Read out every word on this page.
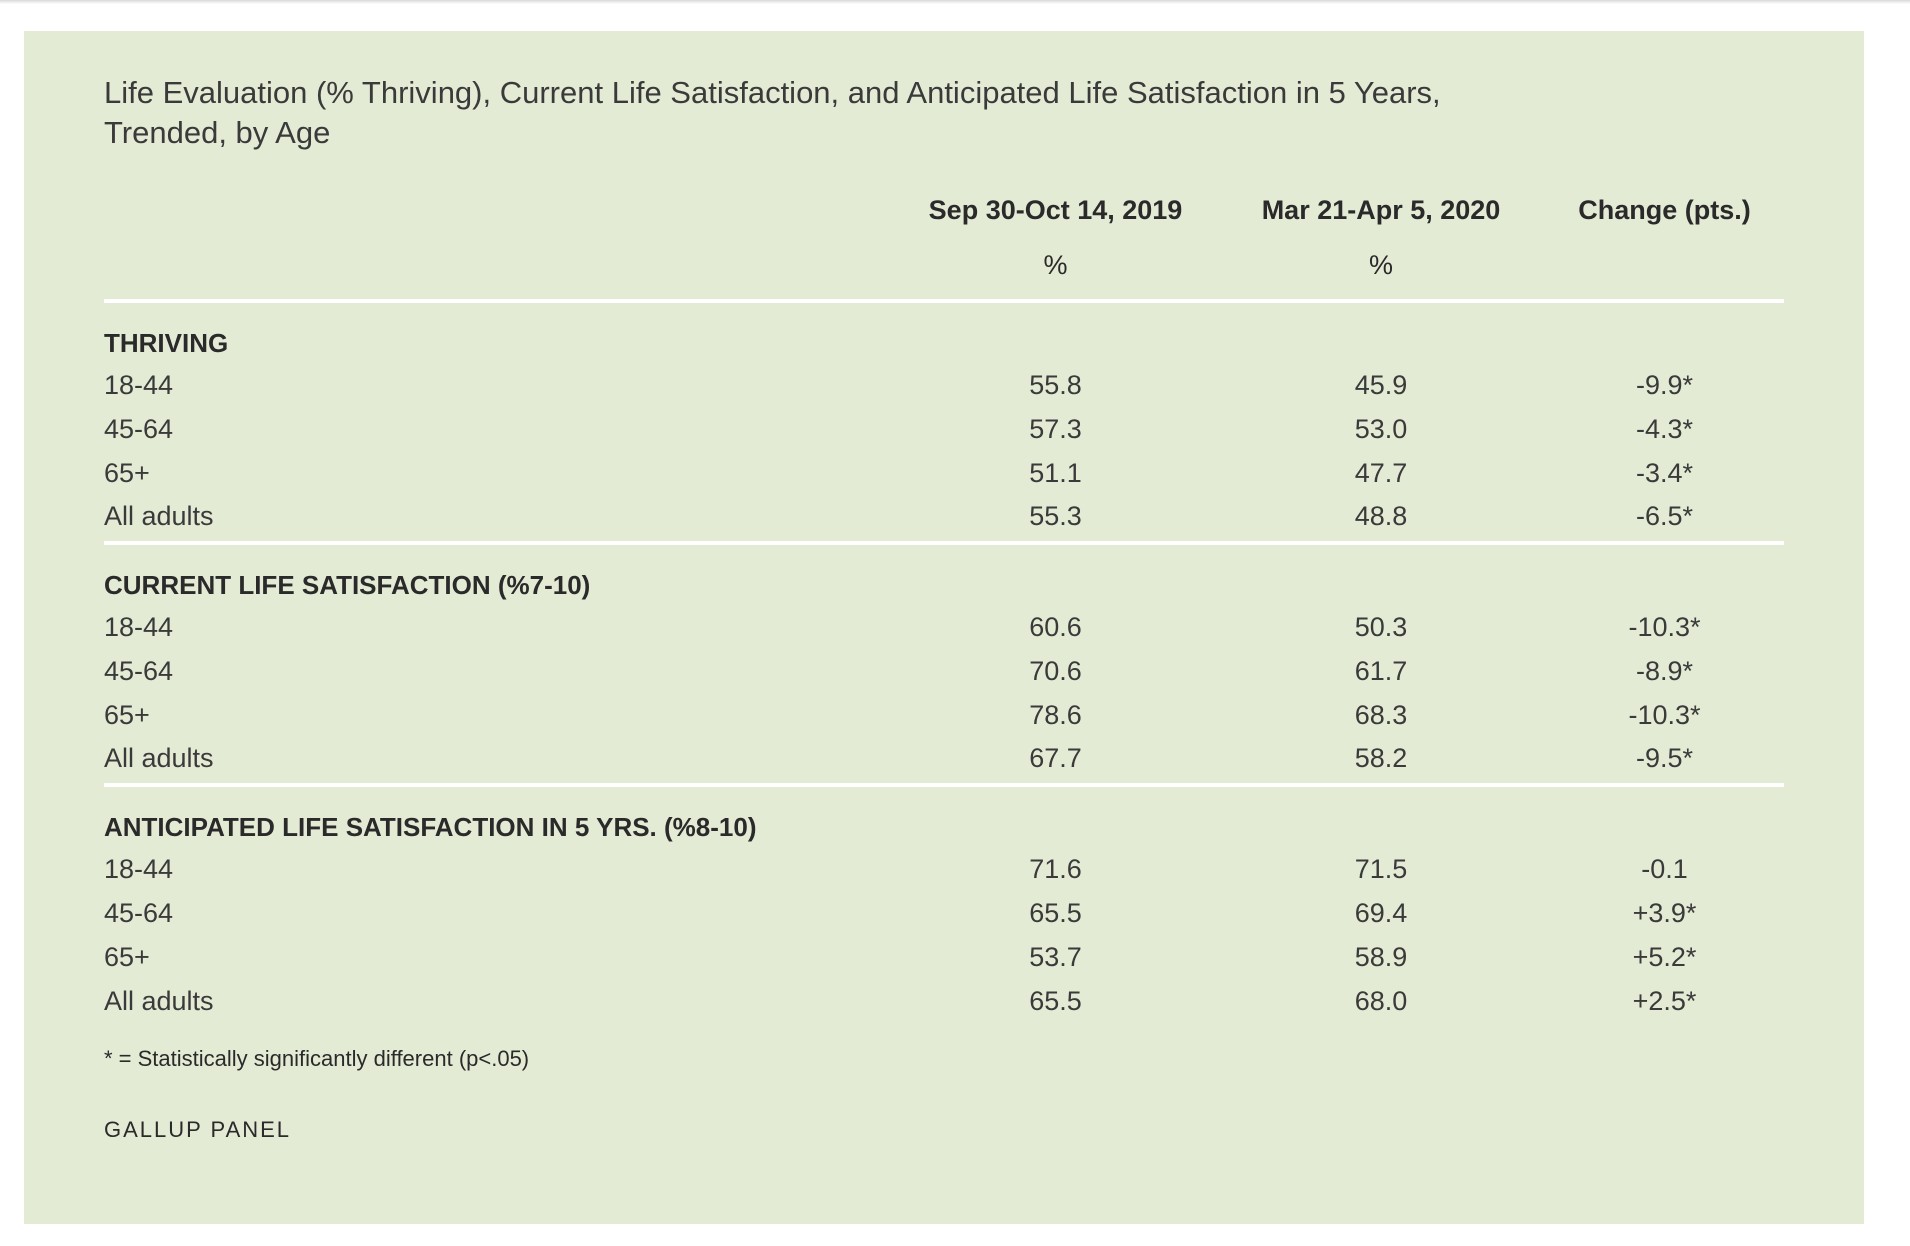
Life Evaluation (% Thriving), Current Life Satisfaction, and Anticipated Life Satisfaction in 5 Years, Trended, by Age
	Sep 30-Oct 14, 2019	Mar 21-Apr 5, 2020	Change (pts.)
	%	%	
THRIVING			
18-44	55.8	45.9	-9.9*
45-64	57.3	53.0	-4.3*
65+	51.1	47.7	-3.4*
All adults	55.3	48.8	-6.5*
CURRENT LIFE SATISFACTION (%7-10)			
18-44	60.6	50.3	-10.3*
45-64	70.6	61.7	-8.9*
65+	78.6	68.3	-10.3*
All adults	67.7	58.2	-9.5*
ANTICIPATED LIFE SATISFACTION IN 5 YRS. (%8-10)			
18-44	71.6	71.5	-0.1
45-64	65.5	69.4	+3.9*
65+	53.7	58.9	+5.2*
All adults	65.5	68.0	+2.5*
* = Statistically significantly different (p<.05)
GALLUP PANEL
